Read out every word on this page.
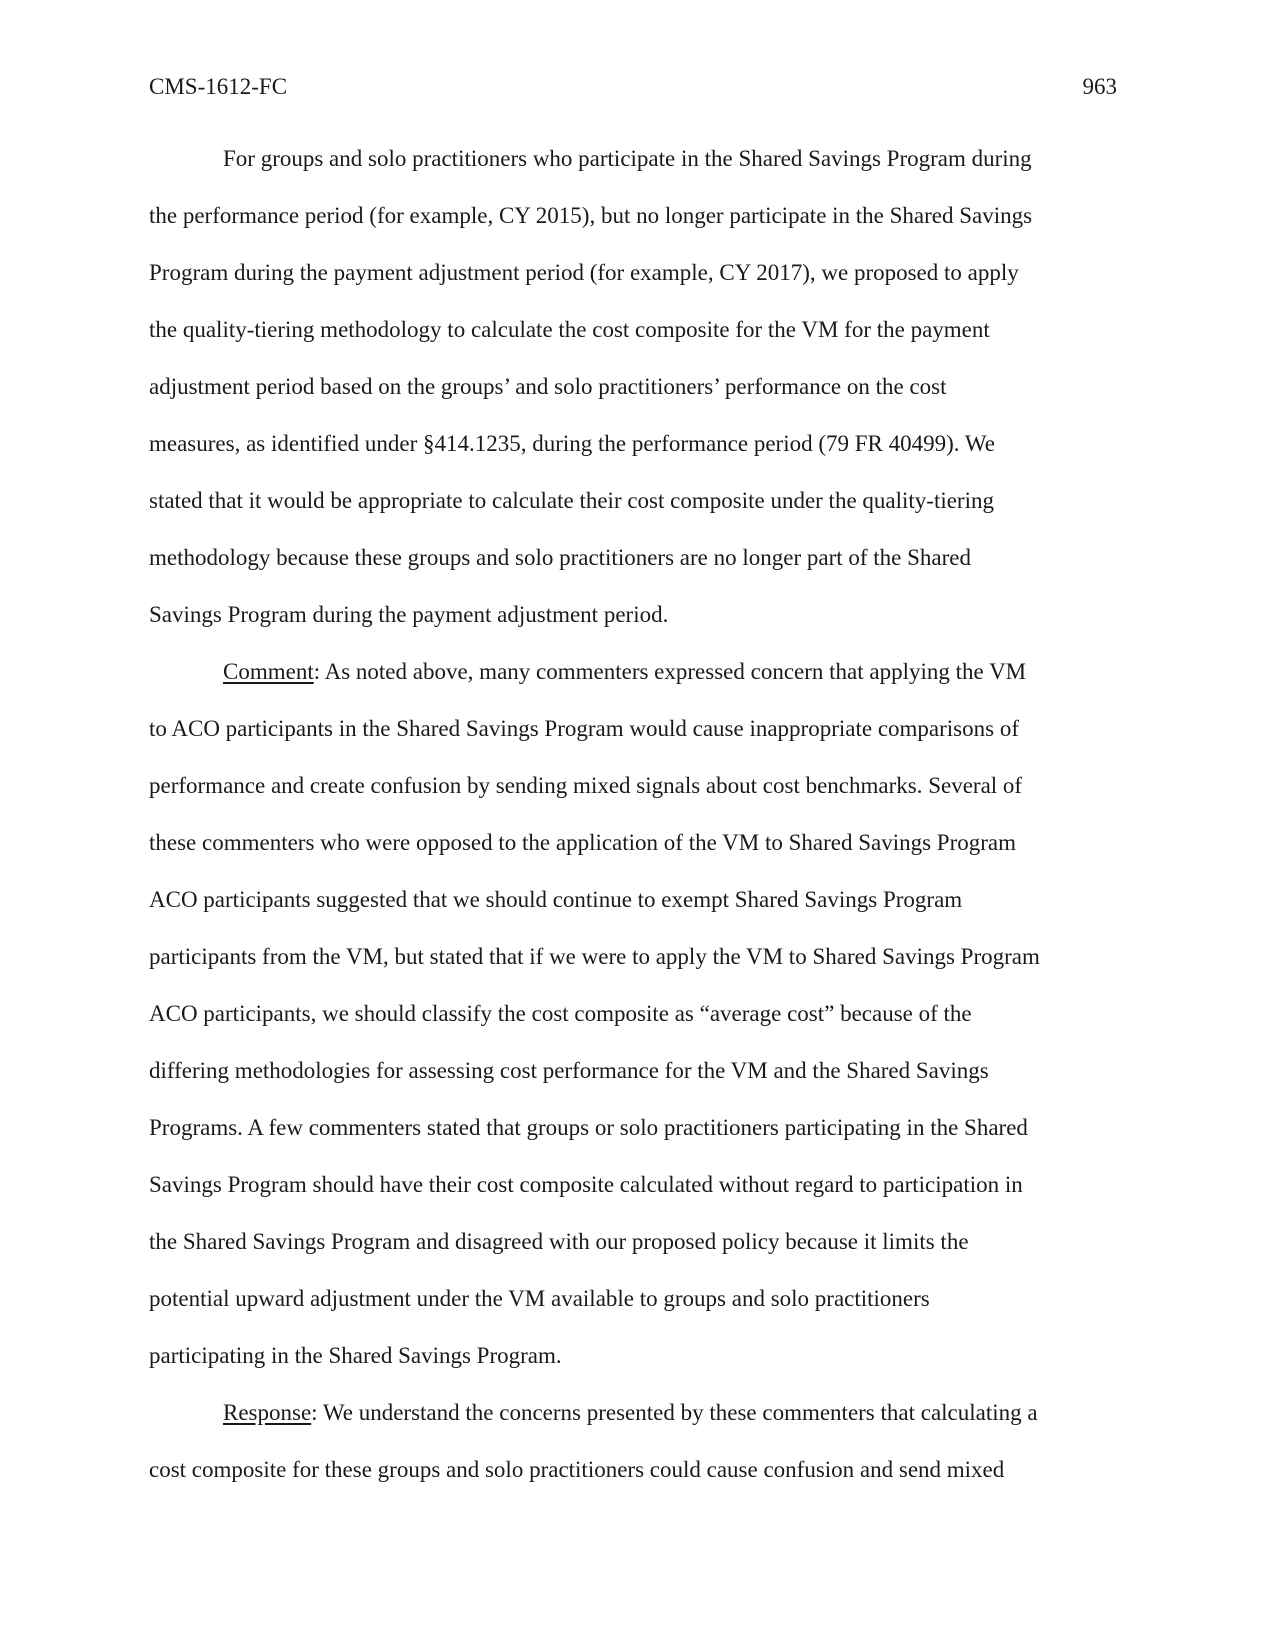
CMS-1612-FC	963
For groups and solo practitioners who participate in the Shared Savings Program during
the performance period (for example, CY 2015), but no longer participate in the Shared Savings
Program during the payment adjustment period (for example, CY 2017), we proposed to apply
the quality-tiering methodology to calculate the cost composite for the VM for the payment
adjustment period based on the groups’ and solo practitioners’ performance on the cost
measures, as identified under §414.1235, during the performance period (79 FR 40499). We
stated that it would be appropriate to calculate their cost composite under the quality-tiering
methodology because these groups and solo practitioners are no longer part of the Shared
Savings Program during the payment adjustment period.
Comment: As noted above, many commenters expressed concern that applying the VM
to ACO participants in the Shared Savings Program would cause inappropriate comparisons of
performance and create confusion by sending mixed signals about cost benchmarks. Several of
these commenters who were opposed to the application of the VM to Shared Savings Program
ACO participants suggested that we should continue to exempt Shared Savings Program
participants from the VM, but stated that if we were to apply the VM to Shared Savings Program
ACO participants, we should classify the cost composite as “average cost” because of the
differing methodologies for assessing cost performance for the VM and the Shared Savings
Programs. A few commenters stated that groups or solo practitioners participating in the Shared
Savings Program should have their cost composite calculated without regard to participation in
the Shared Savings Program and disagreed with our proposed policy because it limits the
potential upward adjustment under the VM available to groups and solo practitioners
participating in the Shared Savings Program.
Response: We understand the concerns presented by these commenters that calculating a
cost composite for these groups and solo practitioners could cause confusion and send mixed
